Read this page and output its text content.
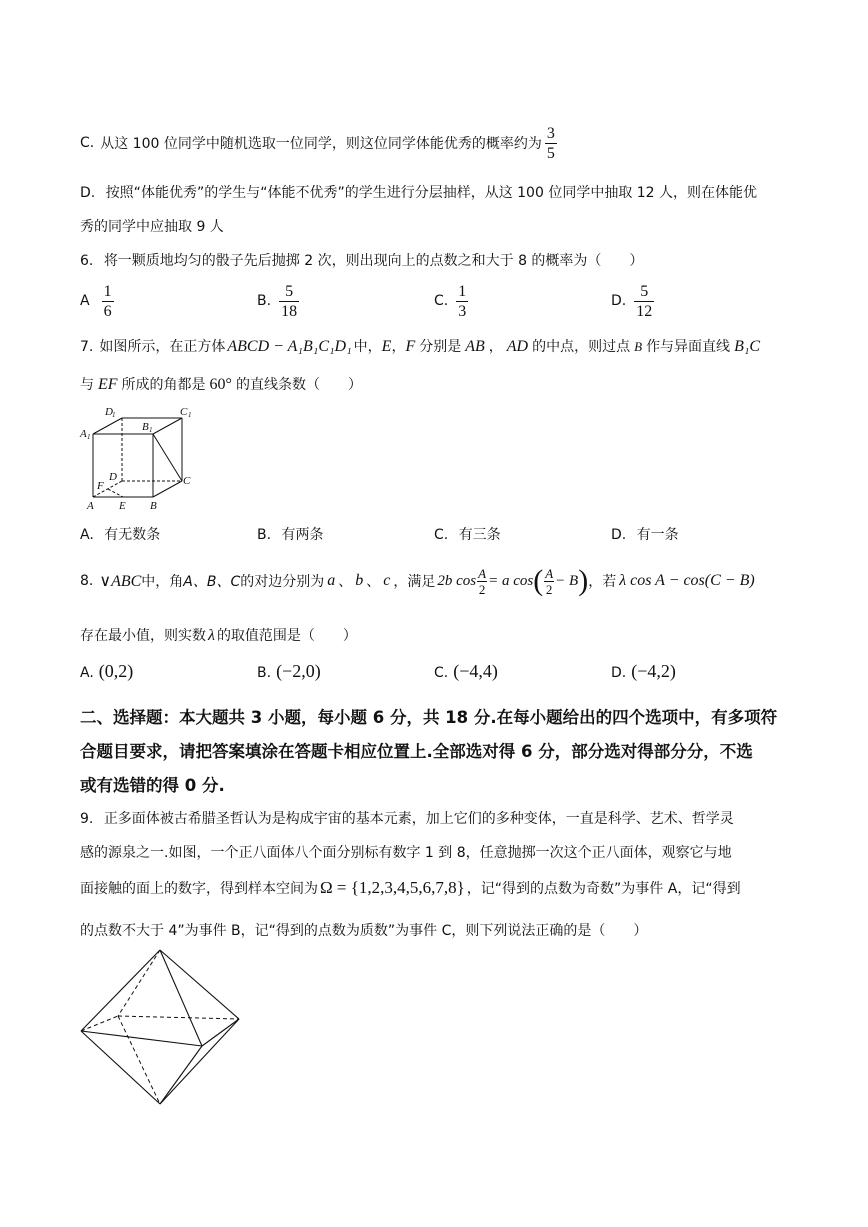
C. 从这 100 位同学中随机选取一位同学，则这位同学体能优秀的概率约为 $\frac{3}{5}$
D. 按照“体能优秀”的学生与“体能不优秀”的学生进行分层抽样，从这 100 位同学中抽取 12 人，则在体能优
秀的同学中应抽取 9 人
6. 将一颗质地均匀的骰子先后抛掷 2 次，则出现向上的点数之和大于 8 的概率为（　　）
A $\frac{1}{6}$	B. $\frac{5}{18}$	C. $\frac{1}{3}$	D. $\frac{5}{12}$
7. 如图所示，在正方体 ABCD − A₁B₁C₁D₁ 中， E ， F 分别是 AB ， AD 的中点，则过点 B 作与异面直线 B₁C
与 EF 所成的角都是 60° 的直线条数（　　）
D 1	C 1
A 1
B 1
D	C
F
A E B
A. 有无数条	B. 有两条	C. 有三条	D. 有一条
8. ∨ABC 中，角 A、B、C 的对边分别为 a 、 b 、 c ，满足 2b $\cos \frac{A}{2} = a$ cos ( $\frac{A}{2} - B$ ) ，若 λ cos A − cos(C − B)
存在最小值，则实数 λ 的取值范围是（　　）
A. (0,2)	B. (−2,0)	C. (−4,4)	D. (−4,2)
二、选择题：本大题共 3 小题，每小题 6 分，共 18 分.在每小题给出的四个选项中，有多项符
合题目要求，请把答案填涂在答题卡相应位置上.全部选对得 6 分，部分选对得部分分，不选
或有选错的得 0 分.
9. 正多面体被古希腊圣哲认为是构成宇宙的基本元素，加上它们的多种变体，一直是科学、艺术、哲学灵
感的源泉之一.如图，一个正八面体八个面分别标有数字 1 到 8，任意抛掷一次这个正八面体，观察它与地
面接触的面上的数字，得到样本空间为 Ω = {1,2,3,4,5,6,7,8} ，记“得到的点数为奇数”为事件 A，记“得到
的点数不大于 4”为事件 B，记“得到的点数为质数”为事件 C，则下列说法正确的是（　　）
